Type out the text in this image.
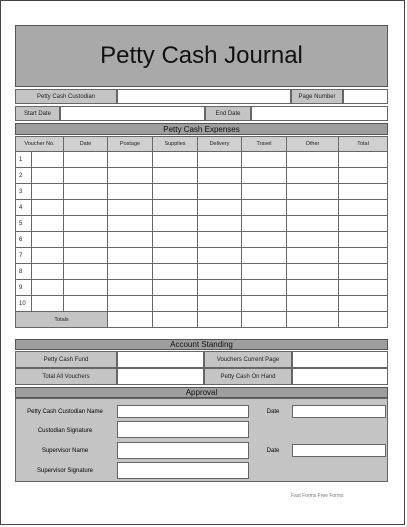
Petty Cash Journal
Petty Cash Custodian	Page Number
Start Date	End Date
Petty Cash Expenses
Voucher No.		Date	Postage	Supplies	Delivery	Travel	Other	Total
1								
2								
3								
4								
5								
6								
7								
8								
9								
10								
Totals								
Account Standing
Petty Cash Fund	Vouchers Current Page
Total All Vouchers	Petty Cash On Hand
Approval
Petty Cash Custodian Name	Date
Custodian Signature
Supervisor Name	Date
Supervisor Signature
Fast Forms Free Forms
